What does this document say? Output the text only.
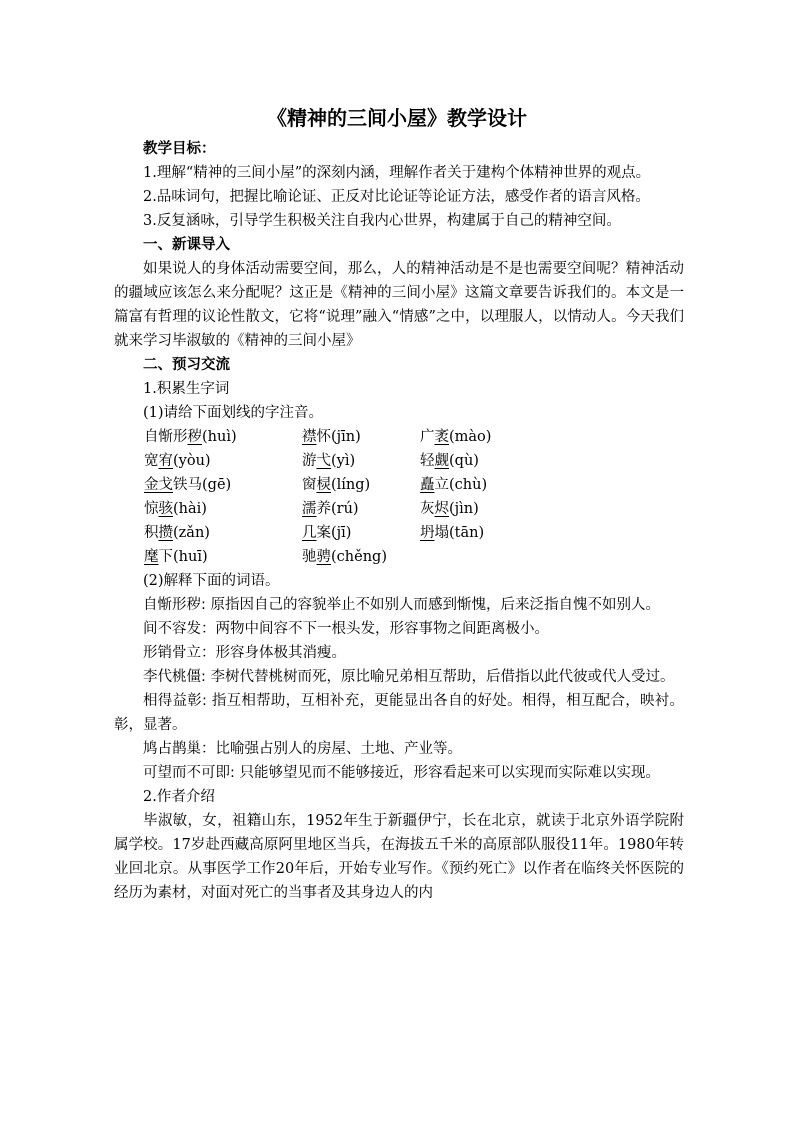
《精神的三间小屋》教学设计

教学目标：

1.理解“精神的三间小屋”的深刻内涵，理解作者关于建构个体精神世界的观点。

2.品味词句，把握比喻论证、正反对比论证等论证方法，感受作者的语言风格。

3.反复涵咏，引导学生积极关注自我内心世界，构建属于自己的精神空间。

一、新课导入

如果说人的身体活动需要空间，那么，人的精神活动是不是也需要空间呢？精神活动的疆域应该怎么来分配呢？这正是《精神的三间小屋》这篇文章要告诉我们的。本文是一篇富有哲理的议论性散文，它将“说理”融入“情感”之中，以理服人，以情动人。今天我们就来学习毕淑敏的《精神的三间小屋》

二、预习交流

1.积累生字词

(1)请给下面划线的字注音。

自惭形秽(huì)	襟怀(jīn)	广袤(mào)
宽宥(yòu)	游弋(yì)	轻觑(qù)
金戈铁马(gē)	窗棂(líng)	矗立(chù)
惊骇(hài)	濡养(rú)	灰烬(jìn)
积攒(zǎn)	几案(jī)	坍塌(tān)
麾下(huī)	驰骋(chěng)

(2)解释下面的词语。

自惭形秽: 原指因自己的容貌举止不如别人而感到惭愧，后来泛指自愧不如别人。

间不容发：两物中间容不下一根头发，形容事物之间距离极小。

形销骨立：形容身体极其消瘦。

李代桃僵: 李树代替桃树而死，原比喻兄弟相互帮助，后借指以此代彼或代人受过。

相得益彰: 指互相帮助，互相补充，更能显出各自的好处。相得，相互配合，映衬。彰，显著。

鸠占鹊巢：比喻强占别人的房屋、土地、产业等。

可望而不可即: 只能够望见而不能够接近，形容看起来可以实现而实际难以实现。

2.作者介绍

毕淑敏，女，祖籍山东，1952年生于新疆伊宁，长在北京，就读于北京外语学院附属学校。17岁赴西藏高原阿里地区当兵，在海拔五千米的高原部队服役11年。1980年转业回北京。从事医学工作20年后，开始专业写作。《预约死亡》以作者在临终关怀医院的经历为素材，对面对死亡的当事者及其身边人的内
